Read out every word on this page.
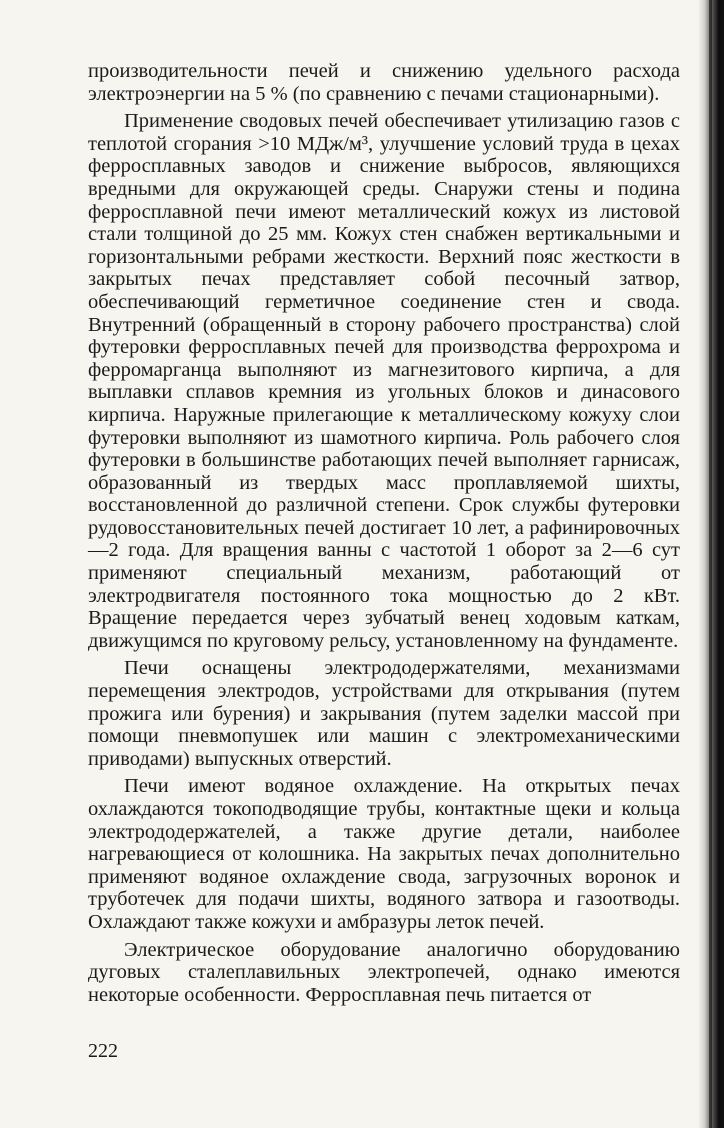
производительности печей и снижению удельного расхода электроэнергии на 5 % (по сравнению с печами стационарными).

Применение сводовых печей обеспечивает утилизацию газов с теплотой сгорания >10 МДж/м³, улучшение условий труда в цехах ферросплавных заводов и снижение выбросов, являющихся вредными для окружающей среды. Снаружи стены и подина ферросплавной печи имеют металлический кожух из листовой стали толщиной до 25 мм. Кожух стен снабжен вертикальными и горизонтальными ребрами жесткости. Верхний пояс жесткости в закрытых печах представляет собой песочный затвор, обеспечивающий герметичное соединение стен и свода. Внутренний (обращенный в сторону рабочего пространства) слой футеровки ферросплавных печей для производства феррохрома и ферромарганца выполняют из магнезитового кирпича, а для выплавки сплавов кремния из угольных блоков и динасового кирпича. Наружные прилегающие к металлическому кожуху слои футеровки выполняют из шамотного кирпича. Роль рабочего слоя футеровки в большинстве работающих печей выполняет гарнисаж, образованный из твердых масс проплавляемой шихты, восстановленной до различной степени. Срок службы футеровки рудовосстановительных печей достигает 10 лет, а рафинировочных —2 года. Для вращения ванны с частотой 1 оборот за 2—6 сут применяют специальный механизм, работающий от электродвигателя постоянного тока мощностью до 2 кВт. Вращение передается через зубчатый венец ходовым каткам, движущимся по круговому рельсу, установленному на фундаменте.

Печи оснащены электрододержателями, механизмами перемещения электродов, устройствами для открывания (путем прожига или бурения) и закрывания (путем заделки массой при помощи пневмопушек или машин с электромеханическими приводами) выпускных отверстий.

Печи имеют водяное охлаждение. На открытых печах охлаждаются токоподводящие трубы, контактные щеки и кольца электрододержателей, а также другие детали, наиболее нагревающиеся от колошника. На закрытых печах дополнительно применяют водяное охлаждение свода, загрузочных воронок и труботечек для подачи шихты, водяного затвора и газоотводы. Охлаждают также кожухи и амбразуры леток печей.

Электрическое оборудование аналогично оборудованию дуговых сталеплавильных электропечей, однако имеются некоторые особенности. Ферросплавная печь питается от

222
